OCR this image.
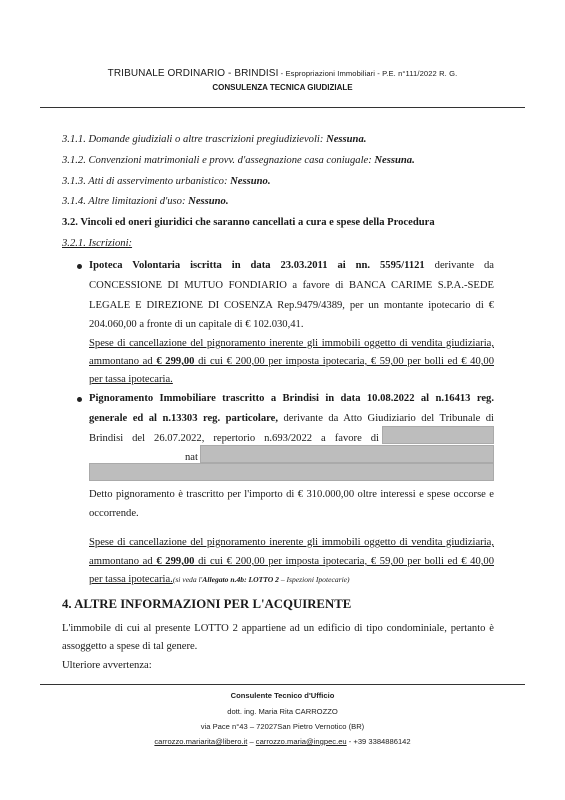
TRIBUNALE ORDINARIO - BRINDISI - Espropriazioni Immobiliari - P.E. n°111/2022 R. G.
CONSULENZA TECNICA GIUDIZIALE
3.1.1. Domande giudiziali o altre trascrizioni pregiudizievoli: Nessuna.
3.1.2. Convenzioni matrimoniali e provv. d'assegnazione casa coniugale: Nessuna.
3.1.3. Atti di asservimento urbanistico: Nessuno.
3.1.4. Altre limitazioni d'uso: Nessuno.
3.2. Vincoli ed oneri giuridici che saranno cancellati a cura e spese della Procedura
3.2.1. Iscrizioni:
Ipoteca Volontaria iscritta in data 23.03.2011 ai nn. 5595/1121 derivante da
CONCESSIONE DI MUTUO FONDIARIO a favore di BANCA CARIME S.P.A.-SEDE
LEGALE E DIREZIONE DI COSENZA Rep.9479/4389, per un montante ipotecario di €
204.060,00 a fronte di un capitale di € 102.030,41.
Spese di cancellazione del pignoramento inerente gli immobili oggetto di vendita giudiziaria,
ammontano ad € 299,00 di cui € 200,00 per imposta ipotecaria, € 59,00 per bolli ed € 40,00
per tassa ipotecaria.
Pignoramento Immobiliare trascritto a Brindisi in data 10.08.2022 al n.16413 reg.
generale ed al n.13303 reg. particolare, derivante da Atto Giudiziario del Tribunale di
Brindisi del 26.07.2022, repertorio n.693/2022 a favore di
nat
Detto pignoramento è trascritto per l'importo di € 310.000,00 oltre interessi e spese occorse e
occorrende.
Spese di cancellazione del pignoramento inerente gli immobili oggetto di vendita giudiziaria,
ammontano ad € 299,00 di cui € 200,00 per imposta ipotecaria, € 59,00 per bolli ed € 40,00
per tassa ipotecaria.(si veda l'Allegato n.4b: LOTTO 2 – Ispezioni Ipotecarie)
4. ALTRE INFORMAZIONI PER L'ACQUIRENTE
L'immobile di cui al presente LOTTO 2 appartiene ad un edificio di tipo condominiale, pertanto è
assoggetto a spese di tal genere.
Ulteriore avvertenza:
Consulente Tecnico d'Ufficio
dott. ing. Maria Rita CARROZZO
via Pace n°43 – 72027San Pietro Vernotico (BR)
carrozzo.mariarita@libero.it – carrozzo.maria@ingpec.eu - +39 3384886142
